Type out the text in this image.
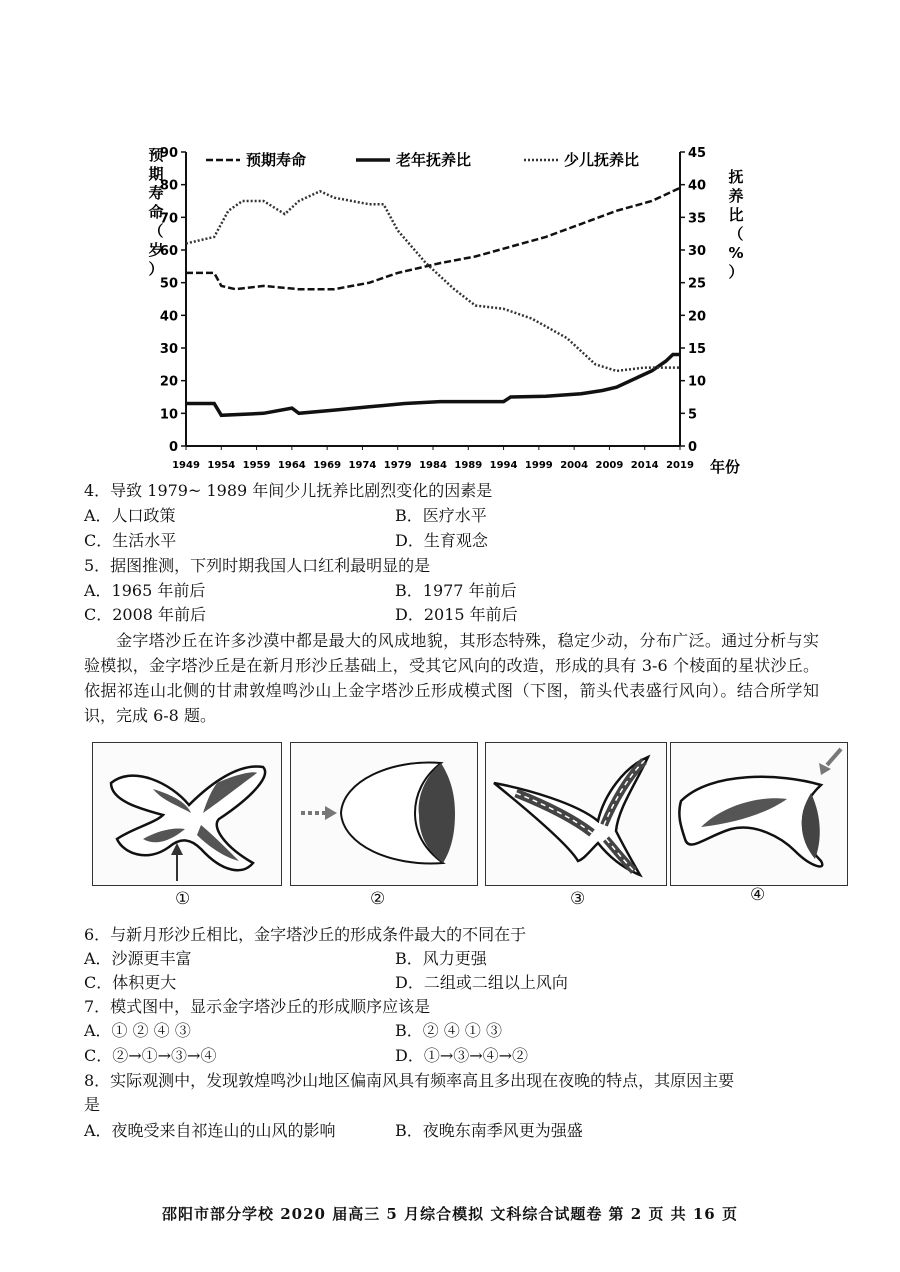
0
10
20
30
40
50
60
70
80
90
0
5
10
15
20
25
30
35
40
45
1949 1954 1959 1964 1969 1974 1979 1984 1989 1994 1999 2004 2009 2014 2019 年份
预期寿命（岁）
抚养比（%）
预期寿命	老年抚养比	少儿抚养比
4．导致 1979~ 1989 年间少儿抚养比剧烈变化的因素是
A．人口政策	B．医疗水平
C．生活水平	D．生育观念
5．据图推测，下列时期我国人口红利最明显的是
A．1965 年前后	B．1977 年前后
C．2008 年前后	D．2015 年前后
金字塔沙丘在许多沙漠中都是最大的风成地貌，其形态特殊，稳定少动，分布广泛。通过分析与实验模拟，金字塔沙丘是在新月形沙丘基础上，受其它风向的改造，形成的具有 3-6 个棱面的星状沙丘。依据祁连山北侧的甘肃敦煌鸣沙山上金字塔沙丘形成模式图（下图，箭头代表盛行风向）。结合所学知识，完成 6-8 题。
①	②	③	④
6．与新月形沙丘相比，金字塔沙丘的形成条件最大的不同在于
A．沙源更丰富	B．风力更强
C．体积更大	D．二组或二组以上风向
7．模式图中，显示金字塔沙丘的形成顺序应该是
A．① ② ④ ③	B．② ④ ① ③
C．②→①→③→④	D．①→③→④→②
8．实际观测中，发现敦煌鸣沙山地区偏南风具有频率高且多出现在夜晚的特点，其原因主要
是
A．夜晚受来自祁连山的山风的影响	B．夜晚东南季风更为强盛
邵阳市部分学校 2020 届高三 5 月综合模拟 文科综合试题卷 第 2 页 共 16 页
